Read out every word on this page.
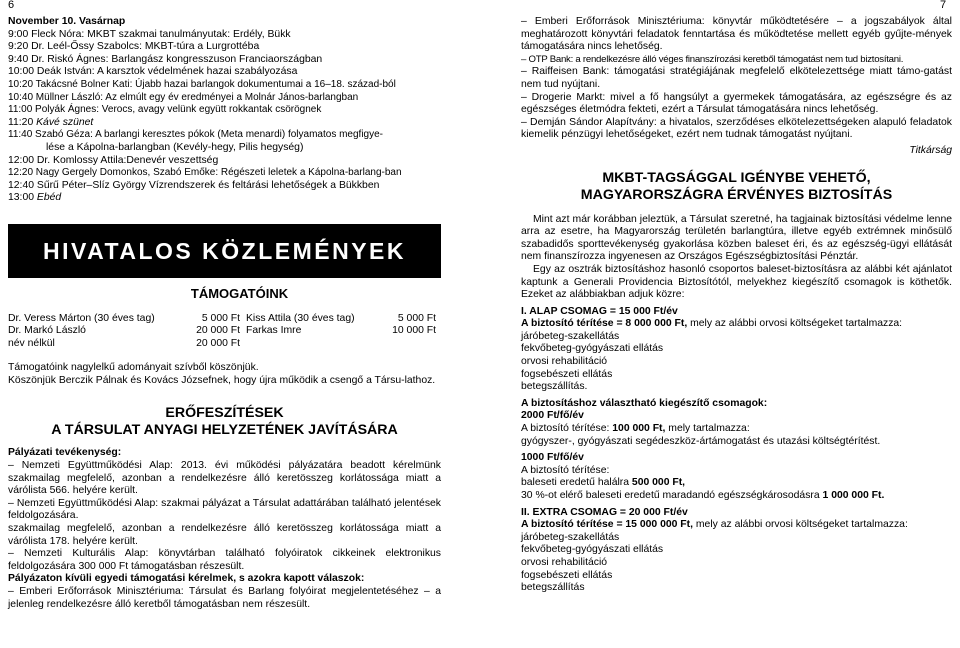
6	7
November 10. Vasárnap
9:00 Fleck Nóra: MKBT szakmai tanulmányutak: Erdély, Bükk
9:20 Dr. Leél-Őssy Szabolcs: MKBT-túra a Lurgrottéba
9:40 Dr. Riskó Ágnes: Barlangász kongresszuson Franciaországban
10:00 Deák István: A karsztok védelmének hazai szabályozása
10:20 Takácsné Bolner Kati: Újabb hazai barlangok dokumentumai a 16–18. század-ból
10:40 Müllner László: Az elmúlt egy év eredményei a Molnár János-barlangban
11:00 Polyák Ágnes: Verocs, avagy velünk együtt rokkantak csörögnek
11:20 Kávé szünet
11:40 Szabó Géza: A barlangi keresztes pókok (Meta menardi) folyamatos megfigye-
lése a Kápolna-barlangban (Kevély-hegy, Pilis hegység)
12:00 Dr. Komlossy Attila:Denevér veszettség
12:20 Nagy Gergely Domonkos, Szabó Emőke: Régészeti leletek a Kápolna-barlang-ban
12:40 Sűrű Péter–Slíz György Vízrendszerek és feltárási lehetőségek a Bükkben
13:00 Ebéd
HIVATALOS KÖZLEMÉNYEK
TÁMOGATÓINK
Dr. Veress Márton (30 éves tag)	5 000 Ft	Kiss Attila (30 éves tag)	5 000 Ft
Dr. Markó László	20 000 Ft	Farkas Imre	10 000 Ft
név nélkül	20 000 Ft		
Támogatóink nagylelkű adományait szívből köszönjük.
Köszönjük Berczik Pálnak és Kovács Józsefnek, hogy újra működik a csengő a Társu-lathoz.
ERŐFESZÍTÉSEK
A TÁRSULAT ANYAGI HELYZETÉNEK JAVÍTÁSÁRA
Pályázati tevékenység:
– Nemzeti Együttműködési Alap: 2013. évi működési pályázatára beadott kérelmünk szakmailag megfelelő, azonban a rendelkezésre álló keretösszeg korlátossága miatt a várólista 566. helyére került.
– Nemzeti Együttműködési Alap: szakmai pályázat a Társulat adattárában található jelentések feldolgozására.
szakmailag megfelelő, azonban a rendelkezésre álló keretösszeg korlátossága miatt a várólista 178. helyére került.
– Nemzeti Kulturális Alap: könyvtárban található folyóiratok cikkeinek elektronikus feldolgozására 300 000 Ft támogatásban részesült.
Pályázaton kívüli egyedi támogatási kérelmek, s azokra kapott válaszok:
– Emberi Erőforrások Minisztériuma: Társulat és Barlang folyóirat megjelentetéséhez – a jelenleg rendelkezésre álló keretből támogatásban nem részesült.
– Emberi Erőforrások Minisztériuma: könyvtár működtetésére – a jogszabályok által meghatározott könyvtári feladatok fenntartása és működtetése mellett egyéb gyűjte-mények támogatására nincs lehetőség.
– OTP Bank: a rendelkezésre álló véges finanszírozási keretből támogatást nem tud biztosítani.
– Raiffeisen Bank: támogatási stratégiájának megfelelő elkötelezettsége miatt támo-gatást nem tud nyújtani.
– Drogerie Markt: mivel a fő hangsúlyt a gyermekek támogatására, az egészségre és az egészséges életmódra fekteti, ezért a Társulat támogatására nincs lehetőség.
– Demján Sándor Alapítvány: a hivatalos, szerződéses elkötelezettségeken alapuló feladatok kiemelik pénzügyi lehetőségeket, ezért nem tudnak támogatást nyújtani.
Titkárság
MKBT-TAGSÁGGAL IGÉNYBE VEHETŐ,
MAGYARORSZÁGRA ÉRVÉNYES BIZTOSÍTÁS
Mint azt már korábban jeleztük, a Társulat szeretné, ha tagjainak biztosítási védelme lenne arra az esetre, ha Magyarország területén barlangtúra, illetve egyéb extrémnek minősülő szabadidős sporttevékenység gyakorlása közben baleset éri, és az egészség-ügyi ellátását nem finanszírozza ingyenesen az Országos Egészségbiztosítási Pénztár.
Egy az osztrák biztosításhoz hasonló csoportos baleset-biztosításra az alábbi két ajánlatot kaptunk a Generali Providencia Biztosítótól, melyekhez kiegészítő csomagok is köthetők. Ezeket az alábbiakban adjuk közre:
I. ALAP CSOMAG = 15 000 Ft/év
A biztosító térítése = 8 000 000 Ft, mely az alábbi orvosi költségeket tartalmazza:
járóbeteg-szakellátás
fekvőbeteg-gyógyászati ellátás
orvosi rehabilitáció
fogsebészeti ellátás
betegszállítás.
A biztosításhoz választható kiegészítő csomagok:
2000 Ft/fő/év
A biztosító térítése: 100 000 Ft, mely tartalmazza:
gyógyszer-, gyógyászati segédeszköz-ártámogatást és utazási költségtérítést.
1000 Ft/fő/év
A biztosító térítése:
baleseti eredetű halálra 500 000 Ft,
30 %-ot elérő baleseti eredetű maradandó egészségkárosodásra 1 000 000 Ft.
II. EXTRA CSOMAG = 20 000 Ft/év
A biztosító térítése = 15 000 000 Ft, mely az alábbi orvosi költségeket tartalmazza:
járóbeteg-szakellátás
fekvőbeteg-gyógyászati ellátás
orvosi rehabilitáció
fogsebészeti ellátás
betegszállítás
